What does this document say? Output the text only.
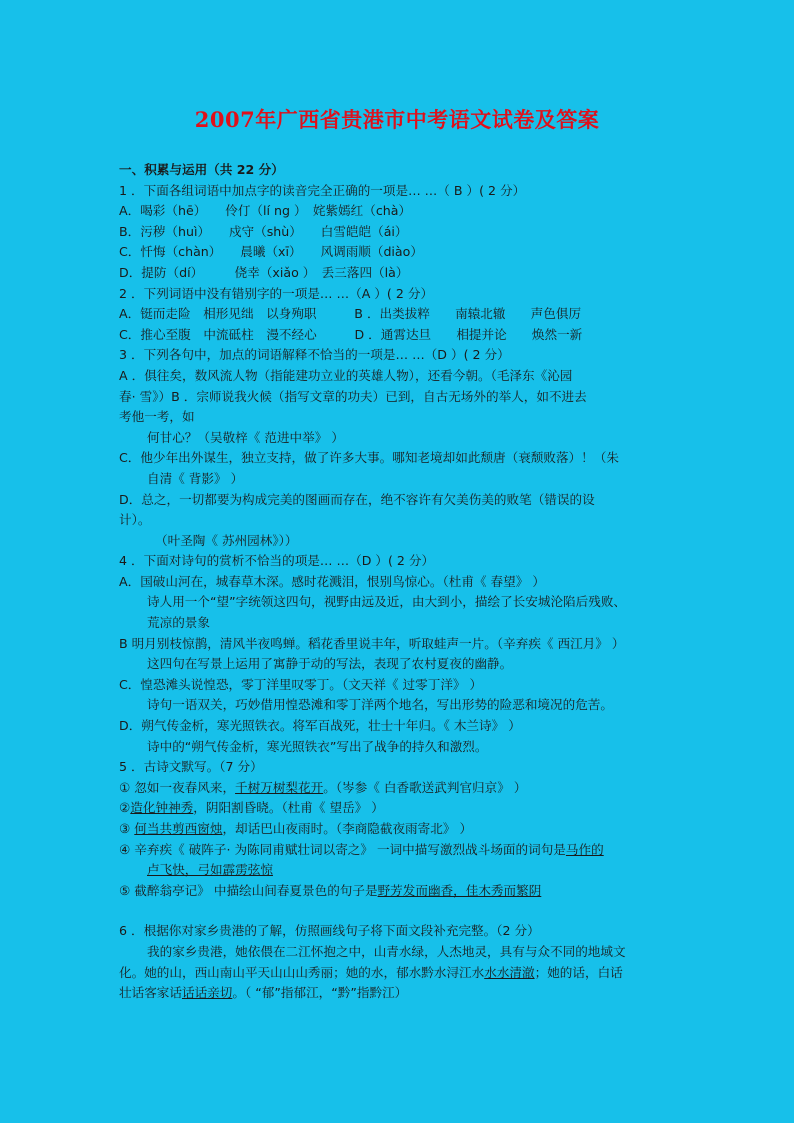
2007年广西省贵港市中考语文试卷及答案
一、积累与运用（共 22 分）
1 ．下面各组词语中加点字的读音完全正确的一项是… …（ B ）( 2 分）
A．喝彩（hē）　　伶仃（lí ng ）　姹紫嫣红（chà）
B．污秽（huì）　　戍守（shù）　　白雪皑皑（ái）
C．忏悔（chàn）　　晨曦（xī）　　风调雨顺（diào）
D．提防（dí）　　　侥幸（xiǎo ）　丢三落四（là）
2 ．下列词语中没有错别字的一项是… …（A ）( 2 分）
A．铤而走险　相形见绌　以身殉职　　　B ．出类拔粹　　南辕北辙　　声色俱厉
C．推心至腹　中流砥柱　漫不经心　　　D ．通霄达旦　　相提并论　　焕然一新
3 ．下列各句中，加点的词语解释不恰当的一项是… …（D ）( 2 分）
A ．俱往矣，数风流人物（指能建功立业的英雄人物），还看今朝。（毛泽东《沁园
春· 雪》）B ．宗师说我火候（指写文章的功夫）已到，自古无场外的举人，如不进去
考他一考，如
何甘心？（吴敬梓《 范进中举》 ）
C．他少年出外谋生，独立支持，做了许多大事。哪知老境却如此颓唐（衰颓败落）！（朱
自清《 背影》 ）
D．总之，一切都要为构成完美的图画而存在，绝不容许有欠美伤美的败笔（错误的设
计）。
（叶圣陶《 苏州园林》））
4 ．下面对诗句的赏析不恰当的项是… …（D ）( 2 分）
A．国破山河在，城春草木深。感时花溅泪，恨别鸟惊心。（杜甫《 春望》 ）
诗人用一个“望”字统领这四句，视野由远及近，由大到小，描绘了长安城沦陷后残败、
荒凉的景象
B 明月别枝惊鹊，清风半夜鸣蝉。稻花香里说丰年，听取蛙声一片。（辛弃疾《 西江月》 ）
这四句在写景上运用了寓静于动的写法，表现了农村夏夜的幽静。
C．惶恐滩头说惶恐，零丁洋里叹零丁。（文天祥《 过零丁洋》 ）
诗句一语双关，巧妙借用惶恐滩和零丁洋两个地名，写出形势的险恶和境况的危苦。
D．朔气传金析，寒光照铁衣。将军百战死，壮士十年归。《 木兰诗》 ）
诗中的“朔气传金析，寒光照铁衣”写出了战争的持久和激烈。
5 ．古诗文默写。（7 分）
① 忽如一夜春风来，千树万树梨花开。（岑参《 白香歌送武判官归京》 ）
②造化钟神秀，阴阳割昏晓。（杜甫《 望岳》 ）
③ 何当共剪西窗烛，却话巴山夜雨时。（李商隐截夜雨寄北》 ）
④ 辛弃疾《 破阵子· 为陈同甫赋壮词以寄之》 一词中描写激烈战斗场面的词句是马作的
卢飞快，弓如霹雳弦惊
⑤ 截醉翁亭记》 中描绘山间春夏景色的句子是野芳发而幽香，佳木秀而繁阴
6 ．根据你对家乡贵港的了解，仿照画线句子将下面文段补充完整。（2 分）
我的家乡贵港，她依偎在二江怀抱之中，山青水绿，人杰地灵，具有与众不同的地域文
化。她的山，西山南山平天山山山秀丽；她的水，郁水黔水浔江水水水清澈；她的话，白话
壮话客家话话话亲切。（ “郁”指郁江，“黔”指黔江）
